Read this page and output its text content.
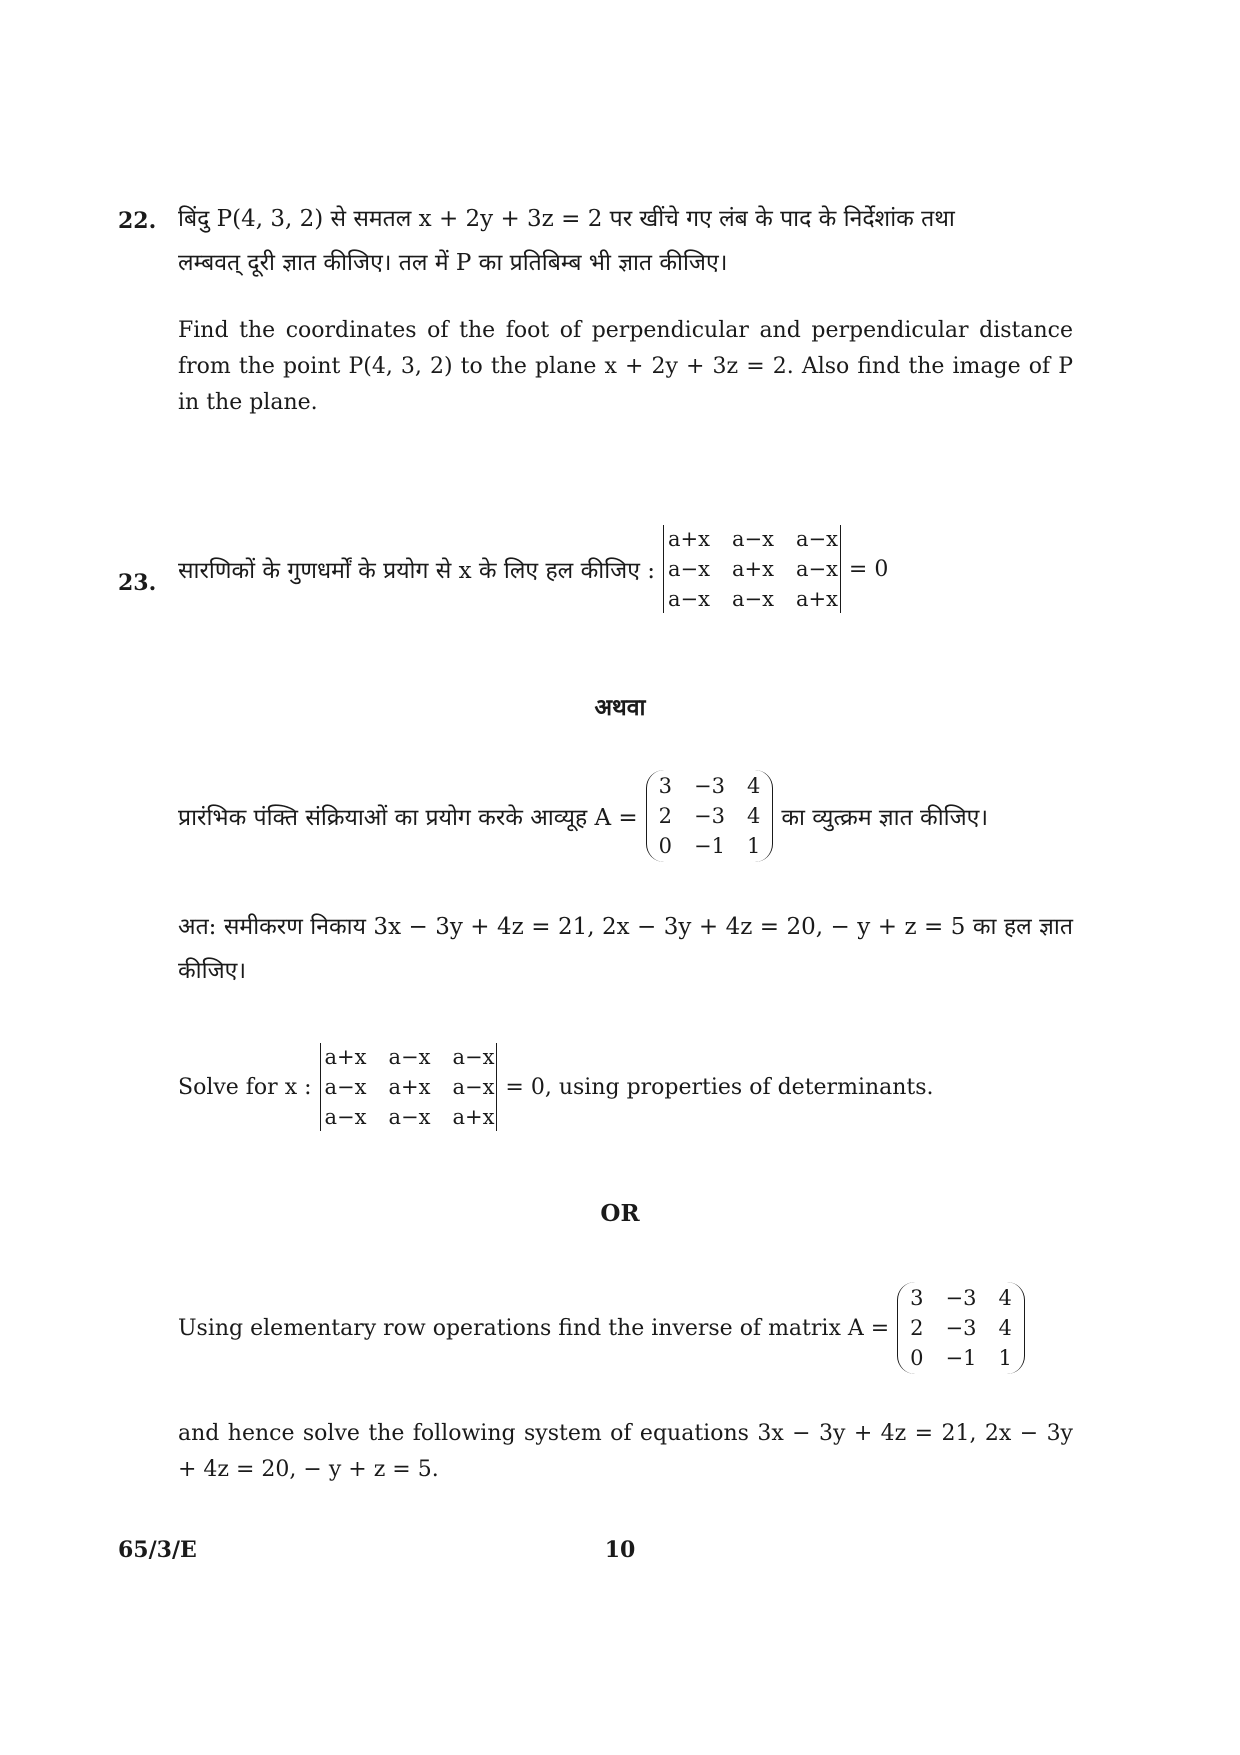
22. बिंदु P(4, 3, 2) से समतल x + 2y + 3z = 2 पर खींचे गए लंब के पाद के निर्देशांक तथा
लम्बवत् दूरी ज्ञात कीजिए। तल में P का प्रतिबिम्ब भी ज्ञात कीजिए।
Find the coordinates of the foot of perpendicular and perpendicular distance from the point P(4, 3, 2) to the plane x + 2y + 3z = 2. Also find the image of P in the plane.
23. सारणिकों के गुणधर्मों के प्रयोग से x के लिए हल कीजिए :
a+x a−x a−x
a−x a+x a−x
a−x a−x a+x
= 0
अथवा
प्रारंभिक पंक्ति संक्रियाओं का प्रयोग करके आव्यूह A =
3 −3 4
2 −3 4
0 −1 1
का व्युत्क्रम ज्ञात कीजिए।
अत: समीकरण निकाय 3x − 3y + 4z = 21, 2x − 3y + 4z = 20, − y + z = 5 का हल ज्ञात कीजिए।
Solve for x :
a+x a−x a−x
a−x a+x a−x
a−x a−x a+x
= 0, using properties of determinants.
OR
Using elementary row operations find the inverse of matrix A =
3 −3 4
2 −3 4
0 −1 1
and hence solve the following system of equations 3x − 3y + 4z = 21, 2x − 3y + 4z = 20, − y + z = 5.
65/3/E	10
